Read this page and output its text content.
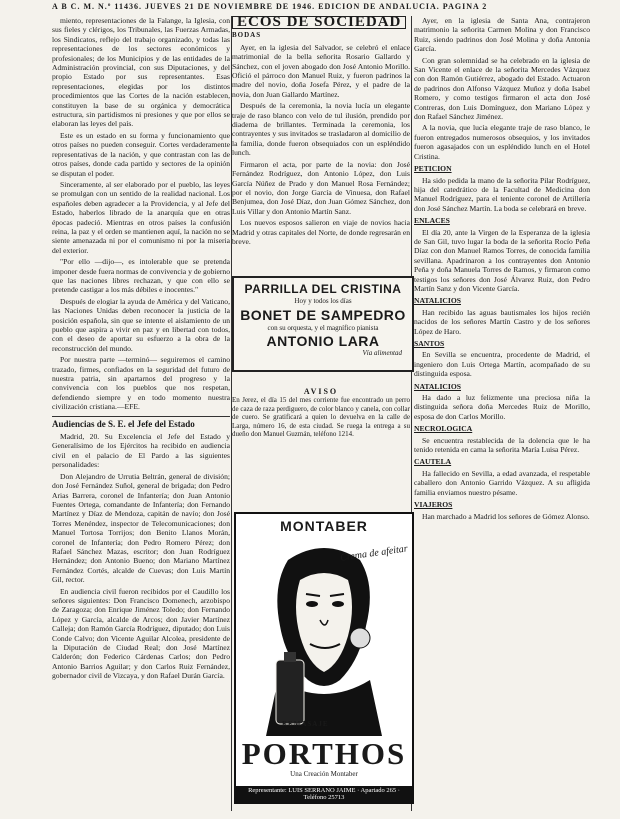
A B C. M. N.º 11436. JUEVES 21 DE NOVIEMBRE DE 1946. EDICION DE ANDALUCIA. PAGINA 2

miento, representaciones de la Falange, la Iglesia, con sus fieles y clérigos, los Tribunales, las Fuerzas Armadas, los Sindicatos, reflejo del trabajo organizado, y todas las representaciones de los sectores económicos y profesionales; de los Municipios y de las entidades de la Administración provincial, con sus Diputaciones, y del propio Estado por sus representantes. Esas representaciones, elegidas por los distintos procedimientos que las Cortes de la nación establecen, constituyen la base de su orgánica y democrática estructura, sin partidismos ni presiones y que por ellos se elaboran las leyes del país.

Este es un estado en su forma y funcionamiento que otros países no pueden conseguir. Cortes verdaderamente representativas de la nación, y que contrastan con las de otros países, donde cada partido y sectores de la opinión se disputan el poder.

Sinceramente, al ser elaborado por el pueblo, las leyes se promulgan con un sentido de la realidad nacional. Los españoles deben agradecer a la Providencia, y al Jefe del Estado, haberlos librado de la anarquía que en otras épocas padeció. Mientras en otros países la confusión reina, la paz y el orden se mantienen aquí, la nación no se siente amenazada ni por el comunismo ni por la miseria del exterior.

"Por ello —dijo—, es intolerable que se pretenda imponer desde fuera normas de convivencia y de gobierno que las naciones libres rechazan, y que con ello se pretende castigar a los más débiles e inocentes."

Después de elogiar la ayuda de América y del Vaticano, las Naciones Unidas deben reconocer la justicia de la posición española, sin que se intente el aislamiento de un pueblo que aspira a vivir en paz y en libertad con todos, con el deseo de aportar su esfuerzo a la obra de la reconstrucción del mundo.

Por nuestra parte —terminó— seguiremos el camino trazado, firmes, confiados en la seguridad del futuro de nuestra patria, sin apartarnos del progreso y la convivencia con los pueblos que nos respetan, defendiendo siempre y en todo momento nuestra civilización cristiana.—EFE.

Audiencias de S. E. el Jefe del Estado

Madrid, 20. Su Excelencia el Jefe del Estado y Generalísimo de los Ejércitos ha recibido en audiencia civil en el palacio de El Pardo a las siguientes personalidades:

Don Alejandro de Urrutia Beltrán, general de división; don José Fernández Suñol, general de brigada; don Pedro Arias Barrera, coronel de Infantería; don Juan Antonio Fuentes Ortega, comandante de Infantería; don Fernando Martínez y Díaz de Mendoza, capitán de navío; don José Torres Menéndez, inspector de Telecomunicaciones; don Manuel Tortosa Torrijos; don Benito Llanos Morán, coronel de Infantería; don Pedro Romero Pérez; don Rafael Sánchez Mazas, escritor; don Juan Rodríguez Hernández; don Antonio Bueno; don Mariano Martínez Fernández Cortés, alcalde de Cuevas; don Luis Martín Gil, rector.

En audiencia civil fueron recibidos por el Caudillo los señores siguientes: Don Francisco Domenech, arzobispo de Zaragoza; don Enrique Jiménez Toledo; don Fernando López y García, alcalde de Arcos; don Javier Martínez Calleja; don Ramón García Rodríguez, diputado; don Luis Conde Calvo; don Vicente Aguilar Alcolea, presidente de la Diputación de Ciudad Real; don José Martínez Calderón; don Federico Cárdenas Carlos; don Pedro Antonio Barrios Aguilar; y don Carlos Ruiz Fernández, gobernador civil de Vizcaya, y don Rafael Durán García.

ECOS DE SOCIEDAD

BODAS

Ayer, en la iglesia del Salvador, se celebró el enlace matrimonial de la bella señorita Rosario Gallardo y Sánchez, con el joven abogado don José Antonio Morillo. Ofició el párroco don Manuel Ruiz, y fueron padrinos la madre del novio, doña Josefa Pérez, y el padre de la novia, don Juan Gallardo Martínez.

Después de la ceremonia, la novia lucía un elegante traje de raso blanco con velo de tul ilusión, prendido por diadema de brillantes. Terminada la ceremonia, los contrayentes y sus invitados se trasladaron al domicilio de la familia, donde fueron obsequiados con un espléndido lunch.

Firmaron el acta, por parte de la novia: don José Fernández Rodríguez, don Antonio López, don Luis García Núñez de Prado y don Manuel Rosa Fernández; por el novio, don Jorge García de Vinuesa, don Rafael Benjumea, don José Díaz, don Juan Gómez Sánchez, don Luis Villar y don Antonio Martín Sanz.

Los nuevos esposos salieron en viaje de novios hacia Madrid y otras capitales del Norte, de donde regresarán en breve.

PARRILLA DEL CRISTINA
Hoy y todos los días
BONET DE SAMPEDRO
con su orquesta, y el magnífico pianista
ANTONIO LARA
Vía alimentad
AVISO
En Jerez, el día 15 del mes corriente fue encontrado un perro de caza de raza perdiguero, de color blanco y canela, con collar de cuero. Se gratificará a quien lo devuelva en la calle de Larga, número 16, de esta ciudad. Se ruega la entrega a su dueño don Manuel Guzmán, teléfono 1214.
MONTABER
Crema de afeitar
REMASAJE
PORTHOS
Una Creación Montaber
Representante: LUIS SERRANO JAIME · Apartado 265 · Teléfono 25713

Ayer, en la iglesia de Santa Ana, contrajeron matrimonio la señorita Carmen Molina y don Francisco Ruiz, siendo padrinos don José Molina y doña Antonia García.

Con gran solemnidad se ha celebrado en la iglesia de San Vicente el enlace de la señorita Mercedes Vázquez con don Ramón Gutiérrez, abogado del Estado. Actuaron de padrinos don Alfonso Vázquez Muñoz y doña Isabel Romero, y como testigos firmaron el acta don José Contreras, don Luis Domínguez, don Mariano López y don Rafael Sánchez Jiménez.

A la novia, que lucía elegante traje de raso blanco, le fueron entregados numerosos obsequios, y los invitados fueron agasajados con un espléndido lunch en el Hotel Cristina.

PETICION

Ha sido pedida la mano de la señorita Pilar Rodríguez, hija del catedrático de la Facultad de Medicina don Manuel Rodríguez, para el teniente coronel de Artillería don José Sánchez Martín. La boda se celebrará en breve.

ENLACES

El día 20, ante la Virgen de la Esperanza de la iglesia de San Gil, tuvo lugar la boda de la señorita Rocío Peña Díaz con don Manuel Ramos Torres, de conocida familia sevillana. Apadrinaron a los contrayentes don Antonio Peña y doña Manuela Torres de Ramos, y firmaron como testigos los señores don José Álvarez Ruiz, don Pedro Martín Sanz y don Vicente García.

NATALICIOS

Han recibido las aguas bautismales los hijos recién nacidos de los señores Martín Castro y de los señores López de Haro.

SANTOS

En Sevilla se encuentra, procedente de Madrid, el ingeniero don Luis Ortega Martín, acompañado de su distinguida esposa.

NATALICIOS

Ha dado a luz felizmente una preciosa niña la distinguida señora doña Mercedes Ruiz de Morillo, esposa de don Carlos Morillo.

NECROLOGICA

Se encuentra restablecida de la dolencia que le ha tenido retenida en cama la señorita María Luisa Pérez.

CAUTELA

Ha fallecido en Sevilla, a edad avanzada, el respetable caballero don Antonio Garrido Vázquez. A su afligida familia enviamos nuestro pésame.

VIAJEROS

Han marchado a Madrid los señores de Gómez Alonso.
